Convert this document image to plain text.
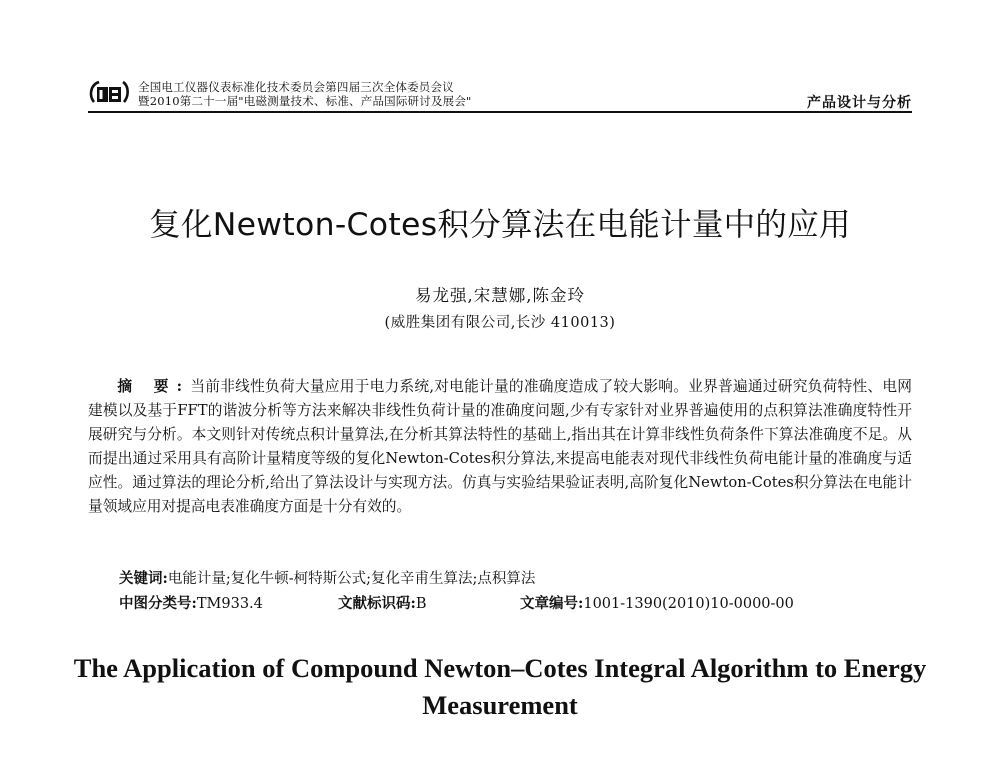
全国电工仪器仪表标准化技术委员会第四届三次全体委员会议
暨2010第二十一届"电磁测量技术、标准、产品国际研讨及展会"	产品设计与分析
复化Newton-Cotes积分算法在电能计量中的应用
易龙强,宋慧娜,陈金玲
(威胜集团有限公司,长沙 410013)
摘 要:当前非线性负荷大量应用于电力系统,对电能计量的准确度造成了较大影响。业界普遍通过研究负荷特性、电网建模以及基于FFT的谐波分析等方法来解决非线性负荷计量的准确度问题,少有专家针对业界普遍使用的点积算法准确度特性开展研究与分析。本文则针对传统点积计量算法,在分析其算法特性的基础上,指出其在计算非线性负荷条件下算法准确度不足。从而提出通过采用具有高阶计量精度等级的复化Newton-Cotes积分算法,来提高电能表对现代非线性负荷电能计量的准确度与适应性。通过算法的理论分析,给出了算法设计与实现方法。仿真与实验结果验证表明,高阶复化Newton-Cotes积分算法在电能计量领域应用对提高电表准确度方面是十分有效的。
关键词:电能计量;复化牛顿-柯特斯公式;复化辛甫生算法;点积算法
中图分类号:TM933.4	文献标识码:B	文章编号:1001-1390(2010)10-0000-00
The Application of Compound Newton–Cotes Integral Algorithm to Energy Measurement
